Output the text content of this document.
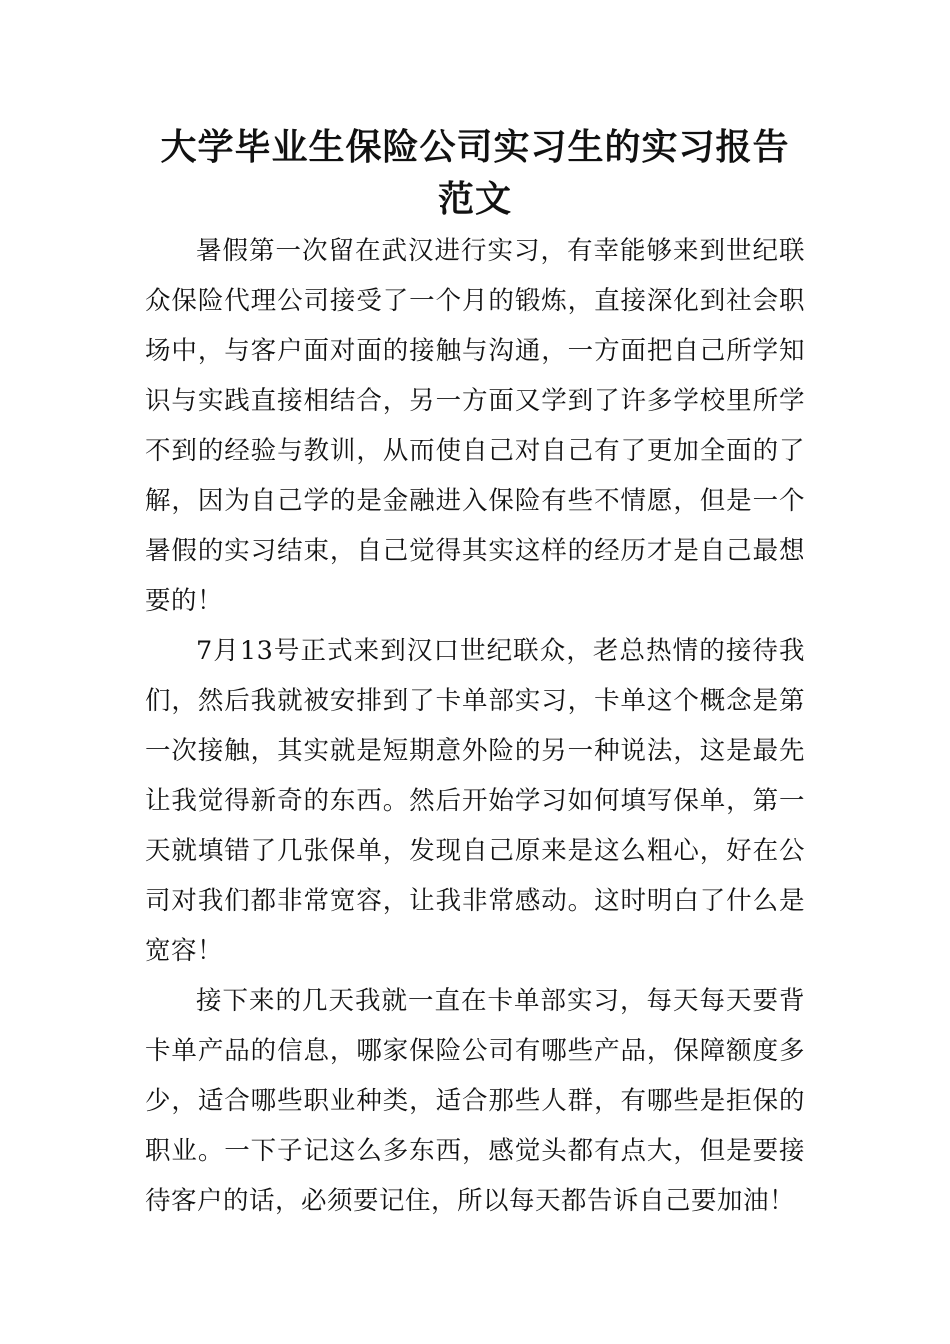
大学毕业生保险公司实习生的实习报告范文

暑假第一次留在武汉进行实习，有幸能够来到世纪联众保险代理公司接受了一个月的锻炼，直接深化到社会职场中，与客户面对面的接触与沟通，一方面把自己所学知识与实践直接相结合，另一方面又学到了许多学校里所学不到的经验与教训，从而使自己对自己有了更加全面的了解，因为自己学的是金融进入保险有些不情愿，但是一个暑假的实习结束，自己觉得其实这样的经历才是自己最想要的！

7月13号正式来到汉口世纪联众，老总热情的接待我们，然后我就被安排到了卡单部实习，卡单这个概念是第一次接触，其实就是短期意外险的另一种说法，这是最先让我觉得新奇的东西。然后开始学习如何填写保单，第一天就填错了几张保单，发现自己原来是这么粗心，好在公司对我们都非常宽容，让我非常感动。这时明白了什么是宽容！

接下来的几天我就一直在卡单部实习，每天每天要背卡单产品的信息，哪家保险公司有哪些产品，保障额度多少，适合哪些职业种类，适合那些人群，有哪些是拒保的职业。一下子记这么多东西，感觉头都有点大，但是要接待客户的话，必须要记住，所以每天都告诉自己要加油！
